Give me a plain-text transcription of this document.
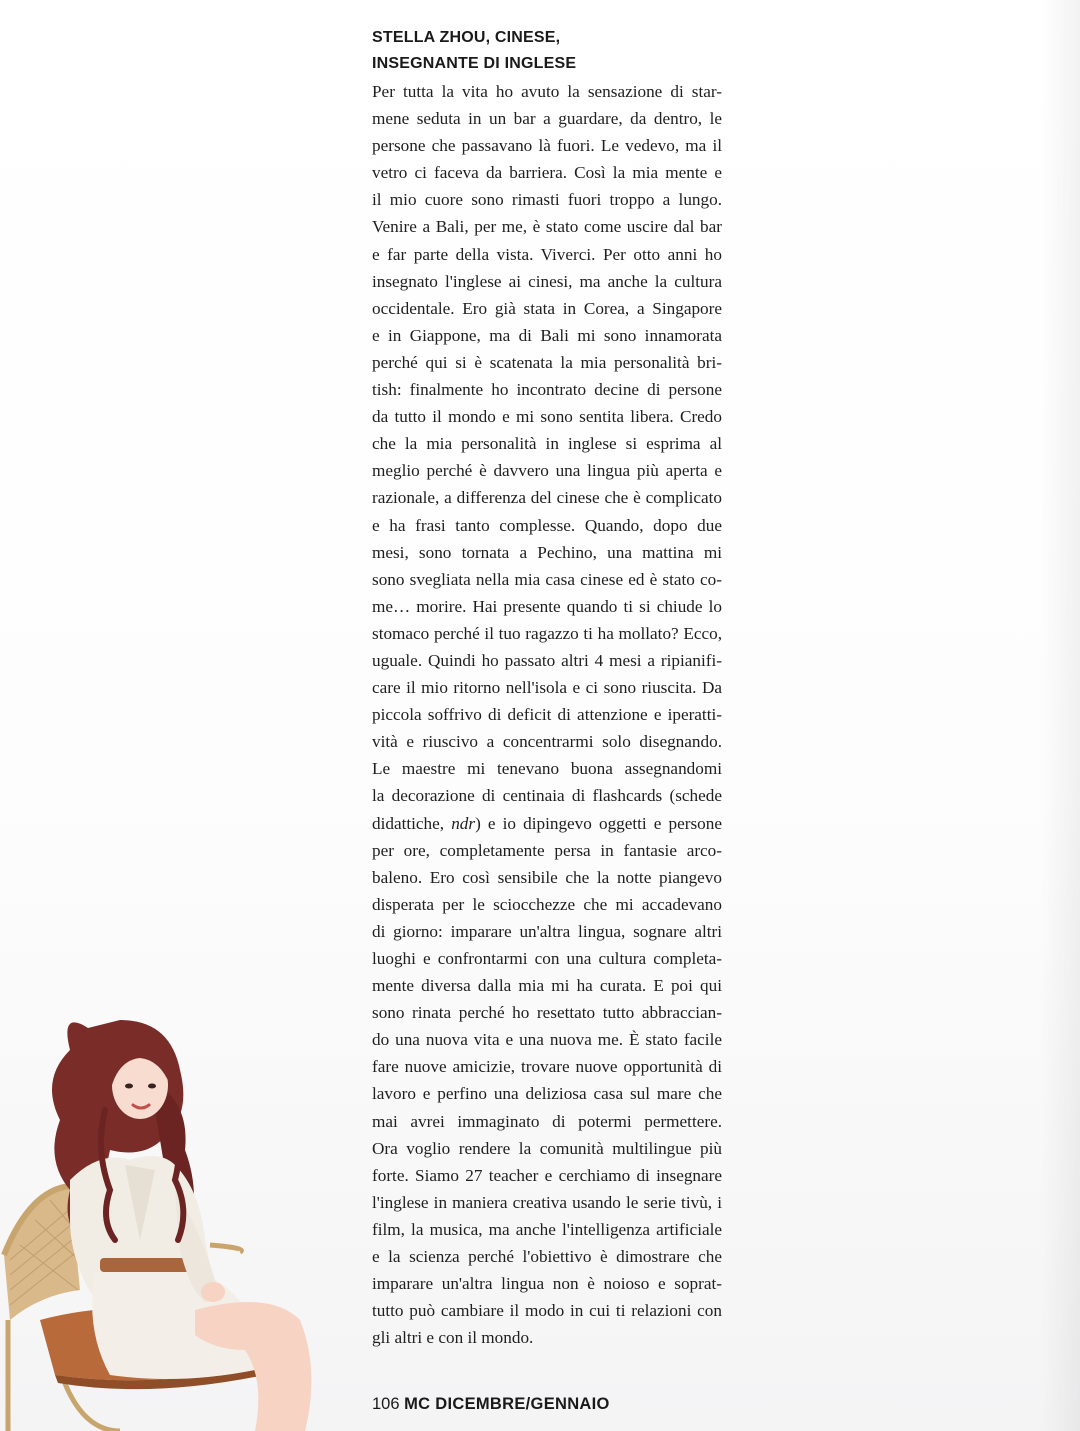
STELLA ZHOU, CINESE,
INSEGNANTE DI INGLESE
Per tutta la vita ho avuto la sensazione di star-
mene seduta in un bar a guardare, da dentro, le
persone che passavano là fuori. Le vedevo, ma il
vetro ci faceva da barriera. Così la mia mente e
il mio cuore sono rimasti fuori troppo a lungo.
Venire a Bali, per me, è stato come uscire dal bar
e far parte della vista. Viverci. Per otto anni ho
insegnato l'inglese ai cinesi, ma anche la cultura
occidentale. Ero già stata in Corea, a Singapore
e in Giappone, ma di Bali mi sono innamorata
perché qui si è scatenata la mia personalità bri-
tish: finalmente ho incontrato decine di persone
da tutto il mondo e mi sono sentita libera. Credo
che la mia personalità in inglese si esprima al
meglio perché è davvero una lingua più aperta e
razionale, a differenza del cinese che è complicato
e ha frasi tanto complesse. Quando, dopo due
mesi, sono tornata a Pechino, una mattina mi
sono svegliata nella mia casa cinese ed è stato co-
me… morire. Hai presente quando ti si chiude lo
stomaco perché il tuo ragazzo ti ha mollato? Ecco,
uguale. Quindi ho passato altri 4 mesi a ripianifi-
care il mio ritorno nell'isola e ci sono riuscita. Da
piccola soffrivo di deficit di attenzione e iperatti-
vità e riuscivo a concentrarmi solo disegnando.
Le maestre mi tenevano buona assegnandomi
la decorazione di centinaia di flashcards (schede
didattiche, ndr) e io dipingevo oggetti e persone
per ore, completamente persa in fantasie arco-
baleno. Ero così sensibile che la notte piangevo
disperata per le sciocchezze che mi accadevano
di giorno: imparare un'altra lingua, sognare altri
luoghi e confrontarmi con una cultura completa-
mente diversa dalla mia mi ha curata. E poi qui
sono rinata perché ho resettato tutto abbraccian-
do una nuova vita e una nuova me. È stato facile
fare nuove amicizie, trovare nuove opportunità di
lavoro e perfino una deliziosa casa sul mare che
mai avrei immaginato di potermi permettere.
Ora voglio rendere la comunità multilingue più
forte. Siamo 27 teacher e cerchiamo di insegnare
l'inglese in maniera creativa usando le serie tivù, i
film, la musica, ma anche l'intelligenza artificiale
e la scienza perché l'obiettivo è dimostrare che
imparare un'altra lingua non è noioso e soprat-
tutto può cambiare il modo in cui ti relazioni con
gli altri e con il mondo.
106 MC DICEMBRE/GENNAIO
